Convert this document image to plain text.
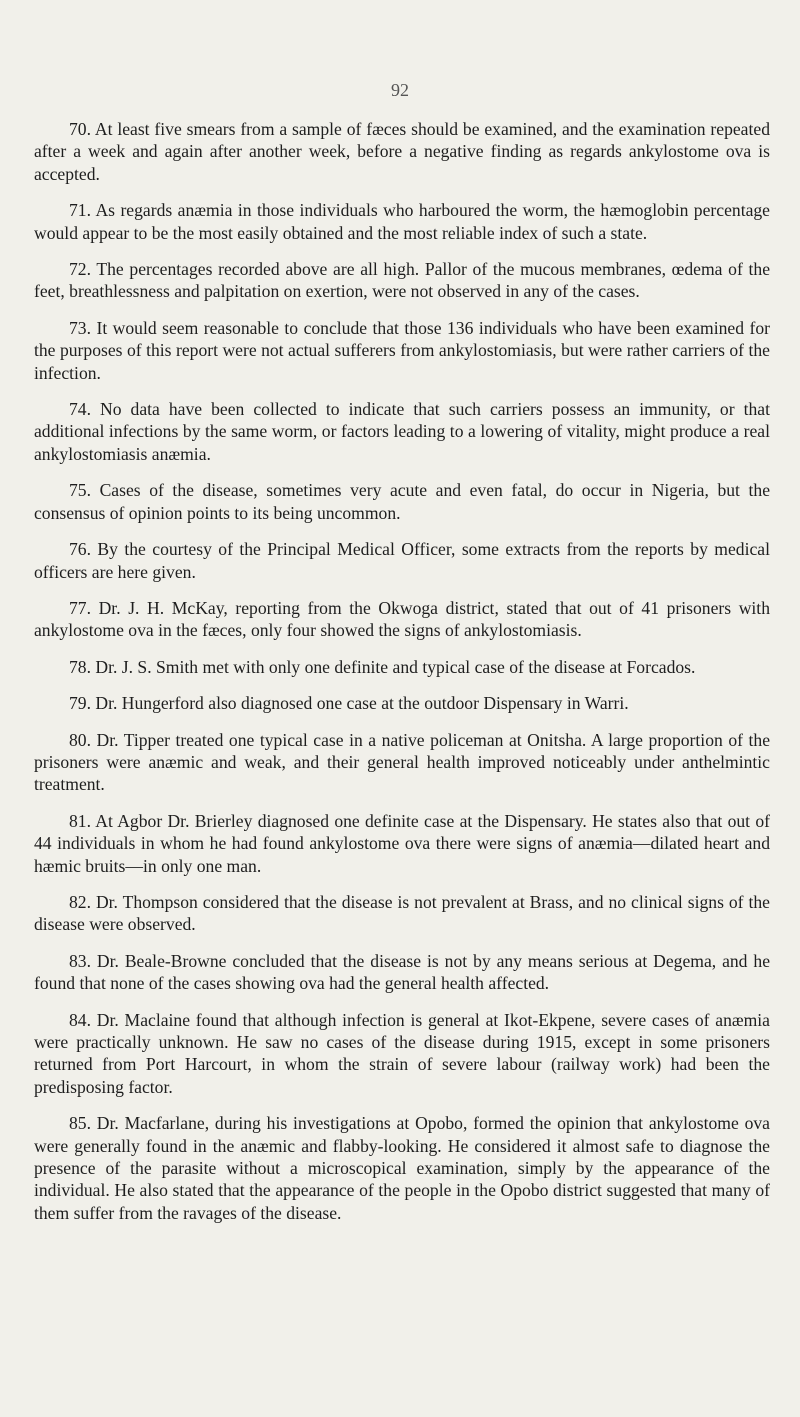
92

70. At least five smears from a sample of fæces should be examined, and the examination repeated after a week and again after another week, before a negative finding as regards ankylostome ova is accepted.

71. As regards anæmia in those individuals who harboured the worm, the hæmoglobin percentage would appear to be the most easily obtained and the most reliable index of such a state.

72. The percentages recorded above are all high. Pallor of the mucous membranes, œdema of the feet, breathlessness and palpitation on exertion, were not observed in any of the cases.

73. It would seem reasonable to conclude that those 136 individuals who have been examined for the purposes of this report were not actual sufferers from ankylostomiasis, but were rather carriers of the infection.

74. No data have been collected to indicate that such carriers possess an immunity, or that additional infections by the same worm, or factors leading to a lowering of vitality, might produce a real ankylostomiasis anæmia.

75. Cases of the disease, sometimes very acute and even fatal, do occur in Nigeria, but the consensus of opinion points to its being uncommon.

76. By the courtesy of the Principal Medical Officer, some extracts from the reports by medical officers are here given.

77. Dr. J. H. McKay, reporting from the Okwoga district, stated that out of 41 prisoners with ankylostome ova in the fæces, only four showed the signs of ankylostomiasis.

78. Dr. J. S. Smith met with only one definite and typical case of the disease at Forcados.

79. Dr. Hungerford also diagnosed one case at the outdoor Dispensary in Warri.

80. Dr. Tipper treated one typical case in a native policeman at Onitsha. A large proportion of the prisoners were anæmic and weak, and their general health improved noticeably under anthelmintic treatment.

81. At Agbor Dr. Brierley diagnosed one definite case at the Dispensary. He states also that out of 44 individuals in whom he had found ankylostome ova there were signs of anæmia—dilated heart and hæmic bruits—in only one man.

82. Dr. Thompson considered that the disease is not prevalent at Brass, and no clinical signs of the disease were observed.

83. Dr. Beale-Browne concluded that the disease is not by any means serious at Degema, and he found that none of the cases showing ova had the general health affected.

84. Dr. Maclaine found that although infection is general at Ikot-Ekpene, severe cases of anæmia were practically unknown. He saw no cases of the disease during 1915, except in some prisoners returned from Port Harcourt, in whom the strain of severe labour (railway work) had been the predisposing factor.

85. Dr. Macfarlane, during his investigations at Opobo, formed the opinion that ankylostome ova were generally found in the anæmic and flabby-looking. He considered it almost safe to diagnose the presence of the parasite without a microscopical examination, simply by the appearance of the individual. He also stated that the appearance of the people in the Opobo district suggested that many of them suffer from the ravages of the disease.
